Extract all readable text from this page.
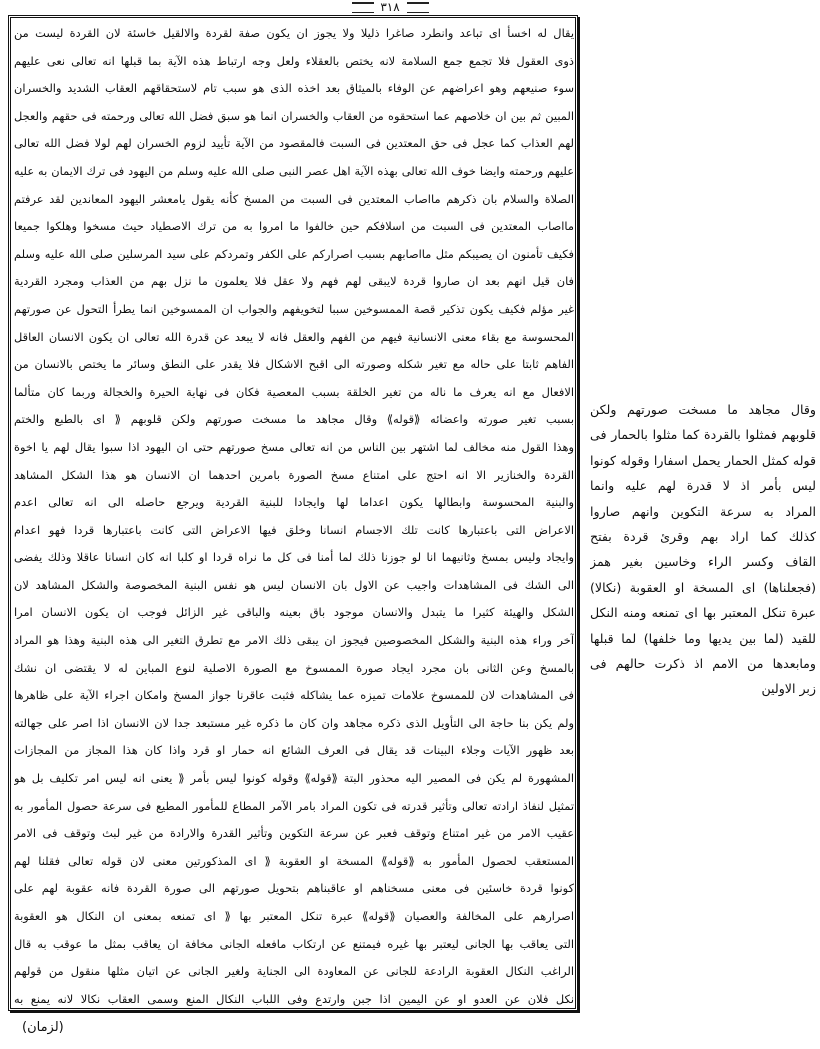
٣١٨
يقال له اخسأ اى تباعد وانطرد صاغرا ذليلا ولا يجوز ان يكون صفة لقردة والالقيل خاسئة لان القردة ليست من
ذوى العقول فلا تجمع جمع السلامة لانه يختص بالعقلاء ولعل وجه ارتباط هذه الآية بما قبلها انه تعالى نعى عليهم
سوء صنيعهم وهو اعراضهم عن الوفاء بالميثاق بعد اخذه الذى هو سبب تام لاستحقاقهم العقاب الشديد والخسران
المبين ثم بين ان خلاصهم عما استحقوه من العقاب والخسران انما هو سبق فضل الله تعالى ورحمته فى حقهم والعجل
لهم العذاب كما عجل فى حق المعتدين فى السبت فالمقصود من الآية تأييد لزوم الخسران لهم لولا فضل الله تعالى
عليهم ورحمته وايضا خوف الله تعالى بهذه الآية اهل عصر النبى صلى الله عليه وسلم من اليهود فى ترك الايمان به عليه
الصلاة والسلام بان ذكرهم مااصاب المعتدين فى السبت من المسخ كأنه يقول يامعشر اليهود المعاندين لقد عرفتم
مااصاب المعتدين فى السبت من اسلافكم حين خالفوا ما امروا به من ترك الاصطياد حيث مسخوا وهلكوا جميعا
فكيف تأمنون ان يصيبكم مثل مااصابهم بسبب اصراركم على الكفر وتمردكم على سيد المرسلين صلى الله عليه وسلم
فان قيل انهم بعد ان صاروا قردة لايبقى لهم فهم ولا عقل فلا يعلمون ما نزل بهم من العذاب ومجرد القردية
غير مؤلم فكيف يكون تذكير قصة الممسوخين سببا لتخويفهم والجواب ان الممسوخين انما يطرأ التحول عن صورتهم
المحسوسة مع بقاء معنى الانسانية فيهم من الفهم والعقل فانه لا يبعد عن قدرة الله تعالى ان يكون الانسان العاقل
الفاهم ثابتا على حاله مع تغير شكله وصورته الى اقبح الاشكال فلا يقدر على النطق وسائر ما يختص بالانسان من
الافعال مع انه يعرف ما ناله من تغير الخلقة بسبب المعصية فكان فى نهاية الحيرة والخجالة وربما كان متألما
بسبب تغير صورته واعضائه ⟪قوله⟫ وقال مجاهد ما مسخت صورتهم ولكن قلوبهم ⟪ اى بالطبع والختم
وهذا القول منه مخالف لما اشتهر بين الناس من انه تعالى مسخ صورتهم حتى ان اليهود اذا سبوا يقال لهم يا اخوة
القردة والخنازير الا انه احتج على امتناع مسخ الصورة بامرين احدهما ان الانسان هو هذا الشكل المشاهد
والبنية المحسوسة وابطالها يكون اعداما لها وايجادا للبنية القردية ويرجع حاصله الى انه تعالى اعدم
الاعراض التى باعتبارها كانت تلك الاجسام انسانا وخلق فيها الاعراض التى كانت باعتبارها قردا فهو اعدام
وايجاد وليس بمسخ وثانيهما انا لو جوزنا ذلك لما أمنا فى كل ما نراه قردا او كلبا انه كان انسانا عاقلا وذلك يفضى
الى الشك فى المشاهدات واجيب عن الاول بان الانسان ليس هو نفس البنية المخصوصة والشكل المشاهد لان
الشكل والهيئة كثيرا ما يتبدل والانسان موجود باق بعينه والباقى غير الزائل فوجب ان يكون الانسان امرا
آخر وراء هذه البنية والشكل المخصوصين فيجوز ان يبقى ذلك الامر مع تطرق التغير الى هذه البنية وهذا هو المراد
بالمسخ وعن الثانى بان مجرد ايجاد صورة الممسوخ مع الصورة الاصلية لنوع المباين له لا يقتضى ان نشك
فى المشاهدات لان للممسوخ علامات تميزه عما يشاكله فثبت عاقرنا جواز المسخ وامكان اجراء الآية على ظاهرها
ولم يكن بنا حاجة الى التأويل الذى ذكره مجاهد وان كان ما ذكره غير مستبعد جدا لان الانسان اذا اصر على جهالته
بعد ظهور الآيات وجلاء البينات قد يقال فى العرف الشائع انه حمار او قرد واذا كان هذا المجاز من المجازات
المشهورة لم يكن فى المصير اليه محذور البتة ⟪قوله⟫ وقوله كونوا ليس بأمر ⟪ يعنى انه ليس امر تكليف بل هو
تمثيل لنفاذ ارادته تعالى وتأثير قدرته فى تكون المراد بامر الآمر المطاع للمأمور المطيع فى سرعة حصول المأمور به
عقيب الامر من غير امتناع وتوقف فعبر عن سرعة التكوين وتأثير القدرة والارادة من غير لبث وتوقف فى الامر
المستعقب لحصول المأمور به ⟪قوله⟫ المسخة او العقوبة ⟪ اى المذكورتين معنى لان قوله تعالى فقلنا لهم
كونوا قردة خاسئين فى معنى مسخناهم او عاقبناهم بتحويل صورتهم الى صورة القردة فانه عقوبة لهم على
اصرارهم على المخالفة والعصيان ⟪قوله⟫ عبرة تنكل المعتبر بها ⟪ اى تمنعه بمعنى ان النكال هو العقوبة
التى يعاقب بها الجانى ليعتبر بها غيره فيمتنع عن ارتكاب مافعله الجانى مخافة ان يعاقب بمثل ما عوقب به قال
الراغب النكال العقوبة الرادعة للجانى عن المعاودة الى الجناية ولغير الجانى عن اتيان مثلها منقول من قولهم
نكل فلان عن العدو او عن اليمين اذا جبن وارتدع وفى اللباب النكال المنع وسمى العقاب نكالا لانه يمنع به
وقال مجاهد ما مسخت صورتهم ولكن
قلوبهم فمثلوا بالقردة كما مثلوا بالحمار فى
قوله كمثل الحمار يحمل اسفارا وقوله كونوا
ليس بأمر اذ لا قدرة لهم عليه وانما
المراد به سرعة التكوين وانهم صاروا
كذلك كما اراد بهم وقرئ قردة بفتح
القاف وكسر الراء وخاسين بغير همز
(فجعلناها) اى المسخة او العقوبة (نكالا)
عبرة تنكل المعتبر بها اى تمنعه ومنه النكل
للقيد (لما بين يديها وما خلفها) لما قبلها
ومابعدها من الامم اذ ذكرت حالهم فى
زبر الاولين
(لزمان)
